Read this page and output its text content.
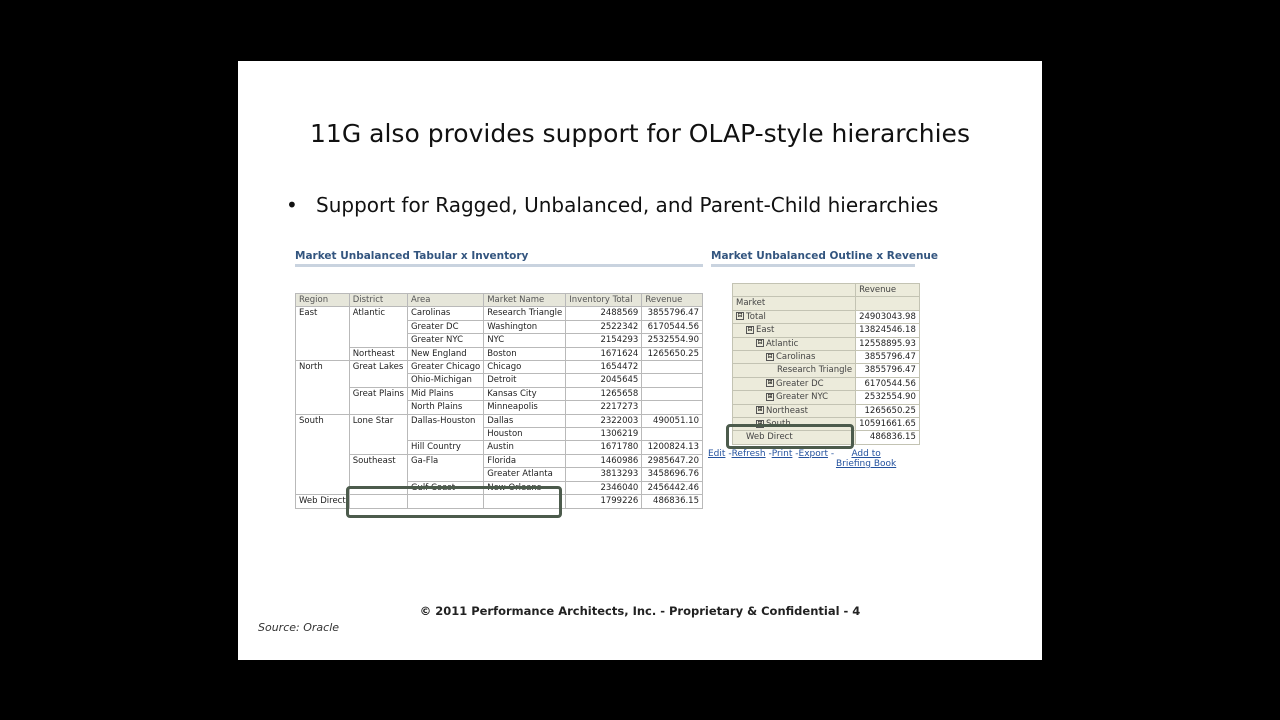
11G also provides support for OLAP-style hierarchies
• Support for Ragged, Unbalanced, and Parent-Child hierarchies
Market Unbalanced Tabular x Inventory
Region	District	Area	Market Name	Inventory Total	Revenue
East	Atlantic	Carolinas	Research Triangle	2488569	3855796.47
		Greater DC	Washington	2522342	6170544.56
		Greater NYC	NYC	2154293	2532554.90
	Northeast	New England	Boston	1671624	1265650.25
North	Great Lakes	Greater Chicago	Chicago	1654472	
		Ohio-Michigan	Detroit	2045645	
	Great Plains	Mid Plains	Kansas City	1265658	
		North Plains	Minneapolis	2217273	
South	Lone Star	Dallas-Houston	Dallas	2322003	490051.10
			Houston	1306219	
		Hill Country	Austin	1671780	1200824.13
	Southeast	Ga-Fla	Florida	1460986	2985647.20
			Greater Atlanta	3813293	3458696.76
		Gulf Coast	New Orleans	2346040	2456442.46
Web Direct				1799226	486836.15
Market Unbalanced Outline x Revenue
	Revenue
Market	
⊟ Total	24903043.98
⊟ East	13824546.18
⊟ Atlantic	12558895.93
⊟ Carolinas	3855796.47
Research Triangle	3855796.47
⊞ Greater DC	6170544.56
⊞ Greater NYC	2532554.90
⊞ Northeast	1265650.25
⊞ South	10591661.65
Web Direct	486836.15
Edit -Refresh -Print -Export - Add to Briefing Book
© 2011 Performance Architects, Inc. - Proprietary & Confidential - 4
Source: Oracle
